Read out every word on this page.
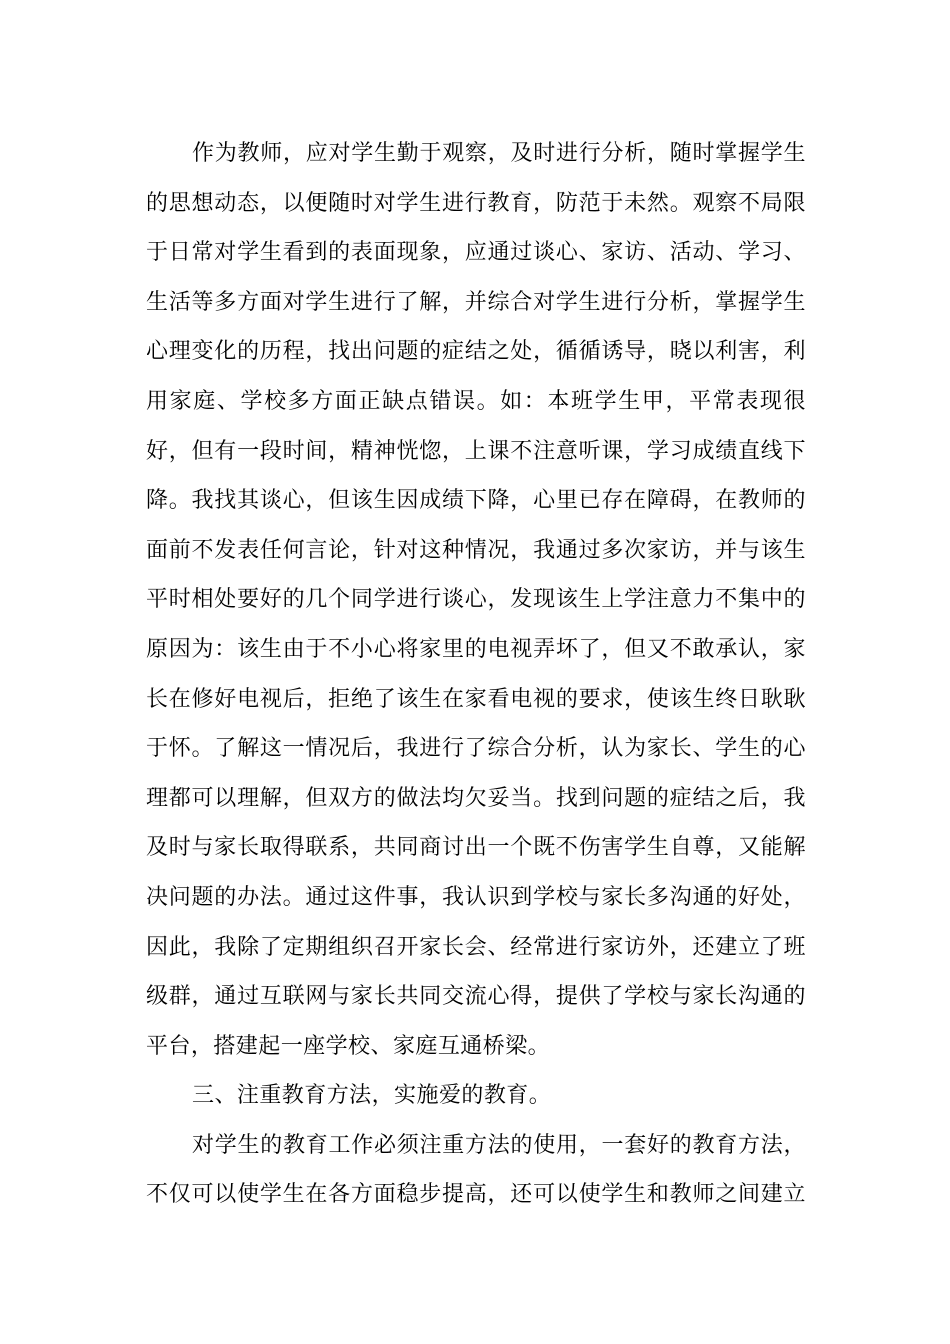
作为教师，应对学生勤于观察，及时进行分析，随时掌握学生
的思想动态，以便随时对学生进行教育，防范于未然。观察不局限
于日常对学生看到的表面现象，应通过谈心、家访、活动、学习、
生活等多方面对学生进行了解，并综合对学生进行分析，掌握学生
心理变化的历程，找出问题的症结之处，循循诱导，晓以利害，利
用家庭、学校多方面正缺点错误。如：本班学生甲，平常表现很
好，但有一段时间，精神恍惚，上课不注意听课，学习成绩直线下
降。我找其谈心，但该生因成绩下降，心里已存在障碍，在教师的
面前不发表任何言论，针对这种情况，我通过多次家访，并与该生
平时相处要好的几个同学进行谈心，发现该生上学注意力不集中的
原因为：该生由于不小心将家里的电视弄坏了，但又不敢承认，家
长在修好电视后，拒绝了该生在家看电视的要求，使该生终日耿耿
于怀。了解这一情况后，我进行了综合分析，认为家长、学生的心
理都可以理解，但双方的做法均欠妥当。找到问题的症结之后，我
及时与家长取得联系，共同商讨出一个既不伤害学生自尊，又能解
决问题的办法。通过这件事，我认识到学校与家长多沟通的好处，
因此，我除了定期组织召开家长会、经常进行家访外，还建立了班
级群，通过互联网与家长共同交流心得，提供了学校与家长沟通的
平台，搭建起一座学校、家庭互通桥梁。
三、注重教育方法，实施爱的教育。
对学生的教育工作必须注重方法的使用，一套好的教育方法，
不仅可以使学生在各方面稳步提高，还可以使学生和教师之间建立
